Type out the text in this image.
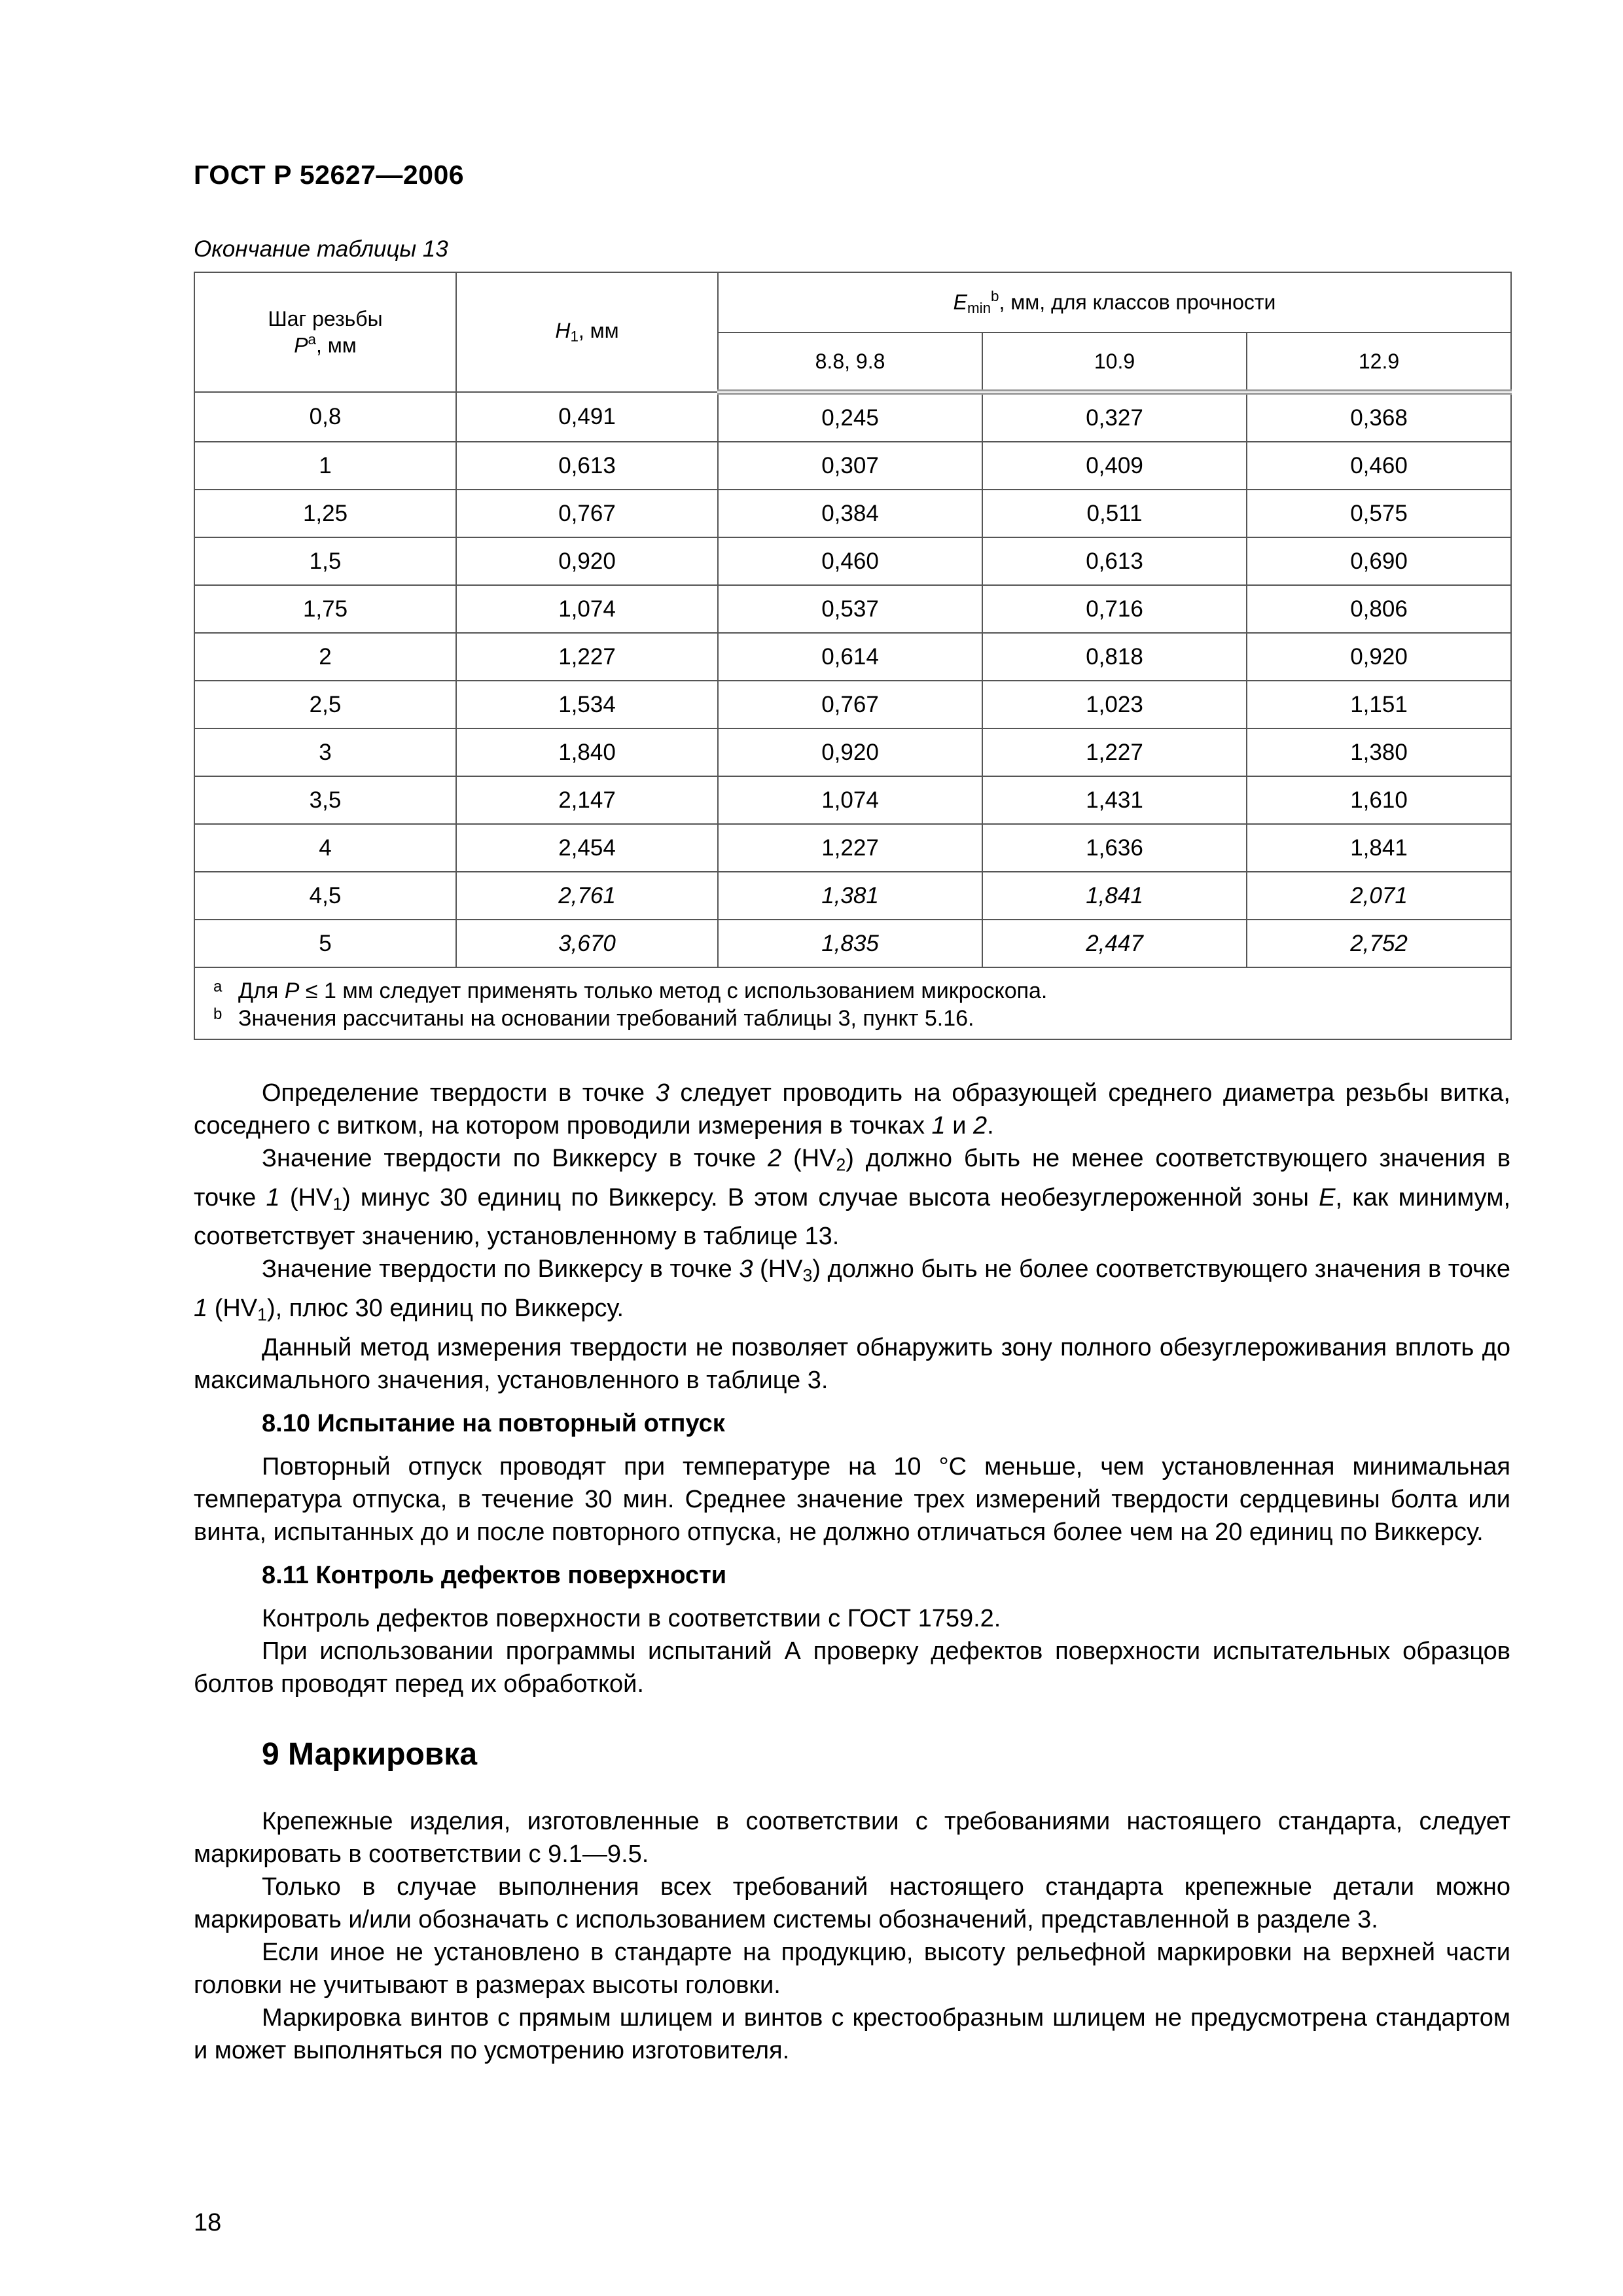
ГОСТ Р 52627—2006
Окончание таблицы 13
Шаг резьбы
$P^a$, мм	$H_1$, мм	$E_{min}^b$, мм, для классов прочности		
		8.8, 9.8	10.9	12.9
0,8	0,491	0,245	0,327	0,368
1	0,613	0,307	0,409	0,460
1,25	0,767	0,384	0,511	0,575
1,5	0,920	0,460	0,613	0,690
1,75	1,074	0,537	0,716	0,806
2	1,227	0,614	0,818	0,920
2,5	1,534	0,767	1,023	1,151
3	1,840	0,920	1,227	1,380
3,5	2,147	1,074	1,431	1,610
4	2,454	1,227	1,636	1,841
4,5	2,761	1,381	1,841	2,071
5	3,670	1,835	2,447	2,752

a Для P ≤ 1 мм следует применять только метод с использованием микроскопа.
b Значения рассчитаны на основании требований таблицы 3, пункт 5.16.				

Определение твердости в точке 3 следует проводить на образующей среднего диаметра резьбы витка, соседнего с витком, на котором проводили измерения в точках 1 и 2.

Значение твердости по Виккерсу в точке 2 $(HV_2)$ должно быть не менее соответствующего значения в точке 1 $(HV_1)$ минус 30 единиц по Виккерсу. В этом случае высота необезуглероженной зоны E, как минимум, соответствует значению, установленному в таблице 13.

Значение твердости по Виккерсу в точке 3 $(HV_3)$ должно быть не более соответствующего значения в точке 1 $(HV_1)$, плюс 30 единиц по Виккерсу.

Данный метод измерения твердости не позволяет обнаружить зону полного обезуглероживания вплоть до максимального значения, установленного в таблице 3.

8.10 Испытание на повторный отпуск

Повторный отпуск проводят при температуре на 10 °С меньше, чем установленная минимальная температура отпуска, в течение 30 мин. Среднее значение трех измерений твердости сердцевины болта или винта, испытанных до и после повторного отпуска, не должно отличаться более чем на 20 единиц по Виккерсу.

8.11 Контроль дефектов поверхности

Контроль дефектов поверхности в соответствии с ГОСТ 1759.2.

При использовании программы испытаний А проверку дефектов поверхности испытательных образцов болтов проводят перед их обработкой.

9 Маркировка

Крепежные изделия, изготовленные в соответствии с требованиями настоящего стандарта, следует маркировать в соответствии с 9.1—9.5.

Только в случае выполнения всех требований настоящего стандарта крепежные детали можно маркировать и/или обозначать с использованием системы обозначений, представленной в разделе 3.

Если иное не установлено в стандарте на продукцию, высоту рельефной маркировки на верхней части головки не учитывают в размерах высоты головки.

Маркировка винтов с прямым шлицем и винтов с крестообразным шлицем не предусмотрена стандартом и может выполняться по усмотрению изготовителя.

18
